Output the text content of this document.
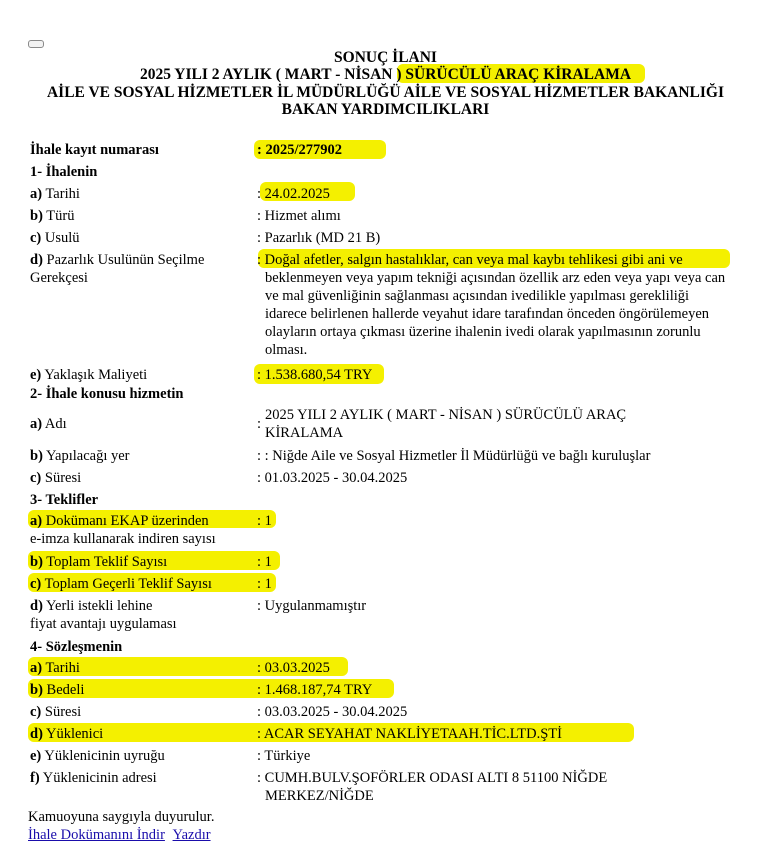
SONUÇ İLANI
2025 YILI 2 AYLIK ( MART - NİSAN ) SÜRÜCÜLÜ ARAÇ KİRALAMA
AİLE VE SOSYAL HİZMETLER İL MÜDÜRLÜĞÜ AİLE VE SOSYAL HİZMETLER BAKANLIĞI
BAKAN YARDIMCILIKLARI
İhale kayıt numarası	: 2025/277902
1- İhalenin
a) Tarihi	: 24.02.2025
b) Türü	: Hizmet alımı
c) Usulü	: Pazarlık (MD 21 B)
d) Pazarlık Usulünün Seçilme
Gerekçesi
: Doğal afetler, salgın hastalıklar, can veya mal kaybı tehlikesi gibi ani ve

beklenmeyen veya yapım tekniği açısından özellik arz eden veya yapı veya can ve mal güvenliğinin sağlanması açısından ivedilikle yapılması gerekliliği idarece belirlenen hallerde veyahut idare tarafından önceden öngörülemeyen olayların ortaya çıkması üzerine ihalenin ivedi olarak yapılmasının zorunlu olması.
e) Yaklaşık Maliyeti	: 1.538.680,54 TRY
2- İhale konusu hizmetin
a) Adı	:
2025 YILI 2 AYLIK ( MART - NİSAN ) SÜRÜCÜLÜ ARAÇ
KİRALAMA
b) Yapılacağı yer	: : Niğde Aile ve Sosyal Hizmetler İl Müdürlüğü ve bağlı kuruluşlar
c) Süresi	: 01.03.2025 - 30.04.2025
3- Teklifler
a) Dokümanı EKAP üzerinden
e-imza kullanarak indiren sayısı
: 1
b) Toplam Teklif Sayısı	: 1
c) Toplam Geçerli Teklif Sayısı	: 1
d) Yerli istekli lehine
fiyat avantajı uygulaması
: Uygulanmamıştır
4- Sözleşmenin
a) Tarihi	: 03.03.2025
b) Bedeli	: 1.468.187,74 TRY
c) Süresi	: 03.03.2025 - 30.04.2025
d) Yüklenici	: ACAR SEYAHAT NAKLİYETAAH.TİC.LTD.ŞTİ
e) Yüklenicinin uyruğu	: Türkiye
f) Yüklenicinin adresi	: CUMH.BULV.ŞOFÖRLER ODASI ALTI 8 51100 NİĞDE
MERKEZ/NİĞDE
Kamuoyuna saygıyla duyurulur.
İhale Dokümanını İndir Yazdır
